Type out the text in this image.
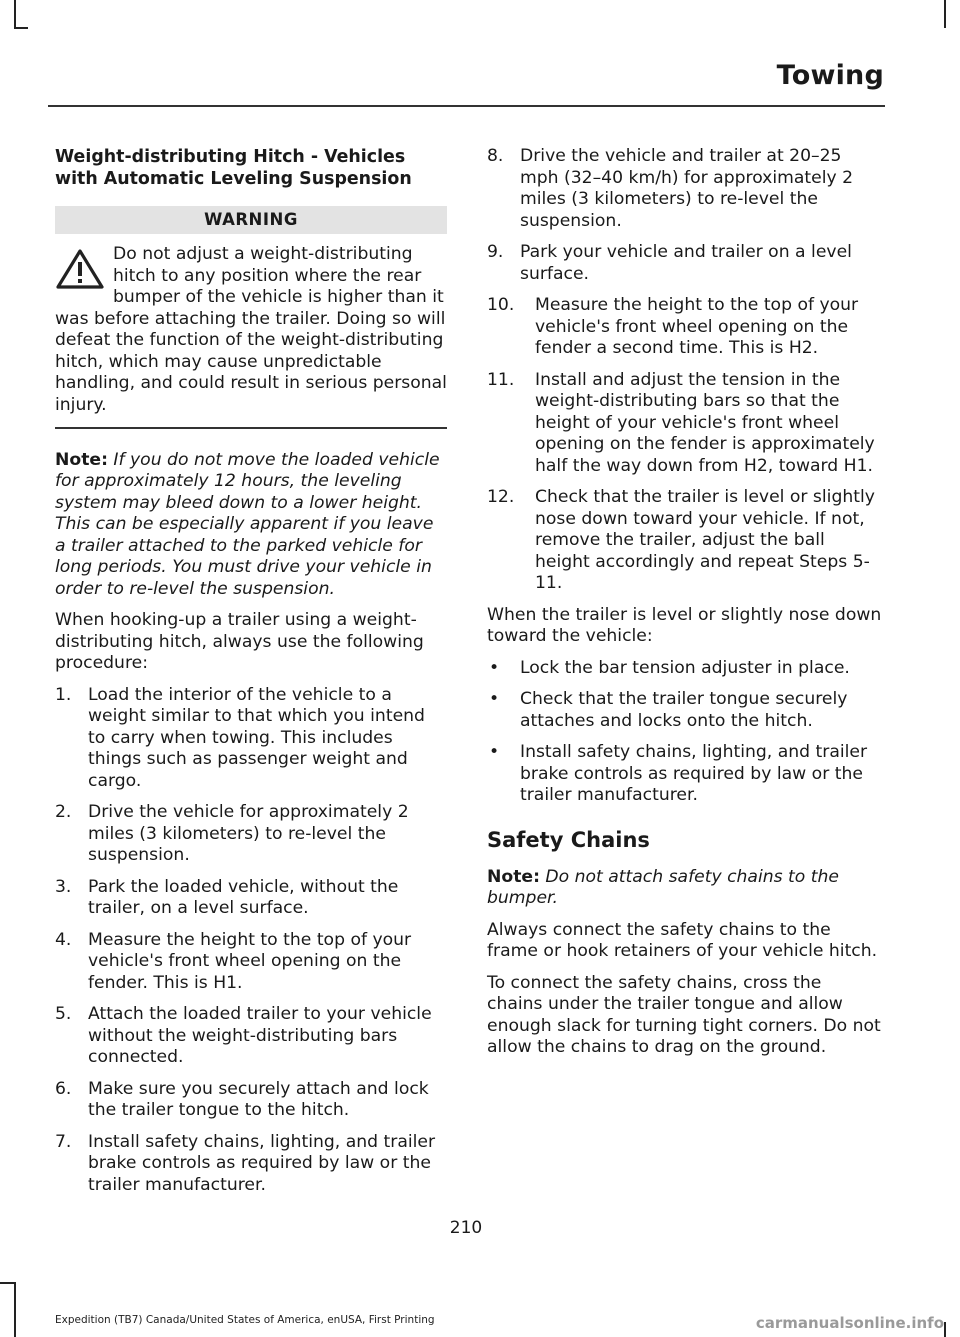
Towing
Weight-distributing Hitch - Vehicles with Automatic Leveling Suspension
WARNING
Do not adjust a weight-distributing hitch to any position where the rear bumper of the vehicle is higher than it was before attaching the trailer. Doing so will defeat the function of the weight-distributing hitch, which may cause unpredictable handling, and could result in serious personal injury.

Note: If you do not move the loaded vehicle for approximately 12 hours, the leveling system may bleed down to a lower height. This can be especially apparent if you leave a trailer attached to the parked vehicle for long periods. You must drive your vehicle in order to re-level the suspension.

When hooking-up a trailer using a weight-distributing hitch, always use the following procedure:

1. Load the interior of the vehicle to a weight similar to that which you intend to carry when towing. This includes things such as passenger weight and cargo.
2. Drive the vehicle for approximately 2 miles (3 kilometers) to re-level the suspension.
3. Park the loaded vehicle, without the trailer, on a level surface.
4. Measure the height to the top of your vehicle's front wheel opening on the fender. This is H1.
5. Attach the loaded trailer to your vehicle without the weight-distributing bars connected.
6. Make sure you securely attach and lock the trailer tongue to the hitch.
7. Install safety chains, lighting, and trailer brake controls as required by law or the trailer manufacturer.
8. Drive the vehicle and trailer at 20–25 mph (32–40 km/h) for approximately 2 miles (3 kilometers) to re-level the suspension.
9. Park your vehicle and trailer on a level surface.
10. Measure the height to the top of your vehicle's front wheel opening on the fender a second time. This is H2.
11. Install and adjust the tension in the weight-distributing bars so that the height of your vehicle's front wheel opening on the fender is approximately half the way down from H2, toward H1.
12. Check that the trailer is level or slightly nose down toward your vehicle. If not, remove the trailer, adjust the ball height accordingly and repeat Steps 5-11.

When the trailer is level or slightly nose down toward the vehicle:

• Lock the bar tension adjuster in place.
• Check that the trailer tongue securely attaches and locks onto the hitch.
• Install safety chains, lighting, and trailer brake controls as required by law or the trailer manufacturer.
Safety Chains

Note: Do not attach safety chains to the bumper.

Always connect the safety chains to the frame or hook retainers of your vehicle hitch.

To connect the safety chains, cross the chains under the trailer tongue and allow enough slack for turning tight corners. Do not allow the chains to drag on the ground.

210
Expedition (TB7) Canada/United States of America, enUSA, First Printing	carmanualsonline.info
